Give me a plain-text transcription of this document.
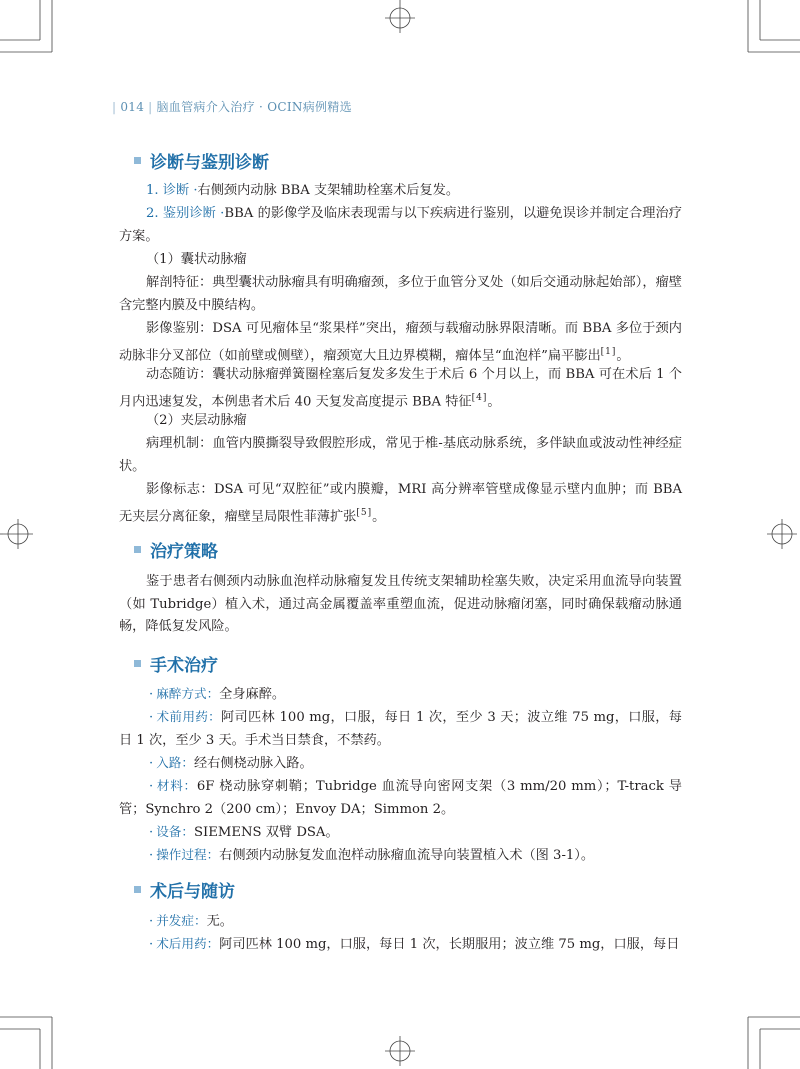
| 014 | 脑血管病介入治疗 · OCIN病例精选
诊断与鉴别诊断
1. 诊断 ·右侧颈内动脉 BBA 支架辅助栓塞术后复发。
2. 鉴别诊断 ·BBA 的影像学及临床表现需与以下疾病进行鉴别，以避免误诊并制定合理治疗方案。
（1）囊状动脉瘤
解剖特征：典型囊状动脉瘤具有明确瘤颈，多位于血管分叉处（如后交通动脉起始部），瘤壁含完整内膜及中膜结构。
影像鉴别：DSA 可见瘤体呈“浆果样”突出，瘤颈与载瘤动脉界限清晰。而 BBA 多位于颈内动脉非分叉部位（如前壁或侧壁），瘤颈宽大且边界模糊，瘤体呈“血泡样”扁平膨出[1]。
动态随访：囊状动脉瘤弹簧圈栓塞后复发多发生于术后 6 个月以上，而 BBA 可在术后 1 个月内迅速复发，本例患者术后 40 天复发高度提示 BBA 特征[4]。
（2）夹层动脉瘤
病理机制：血管内膜撕裂导致假腔形成，常见于椎-基底动脉系统，多伴缺血或波动性神经症状。
影像标志：DSA 可见“双腔征”或内膜瓣，MRI 高分辨率管壁成像显示壁内血肿；而 BBA 无夹层分离征象，瘤壁呈局限性菲薄扩张[5]。
治疗策略
鉴于患者右侧颈内动脉血泡样动脉瘤复发且传统支架辅助栓塞失败，决定采用血流导向装置（如 Tubridge）植入术，通过高金属覆盖率重塑血流，促进动脉瘤闭塞，同时确保载瘤动脉通畅，降低复发风险。
手术治疗
· 麻醉方式：全身麻醉。
· 术前用药：阿司匹林 100 mg，口服，每日 1 次，至少 3 天；波立维 75 mg，口服，每日 1 次，至少 3 天。手术当日禁食，不禁药。
· 入路：经右侧桡动脉入路。
· 材料：6F 桡动脉穿刺鞘；Tubridge 血流导向密网支架（3 mm/20 mm）；T-track 导管；Synchro 2（200 cm）；Envoy DA；Simmon 2。
· 设备：SIEMENS 双臂 DSA。
· 操作过程：右侧颈内动脉复发血泡样动脉瘤血流导向装置植入术（图 3-1）。
术后与随访
· 并发症：无。
· 术后用药：阿司匹林 100 mg，口服，每日 1 次，长期服用；波立维 75 mg，口服，每日
